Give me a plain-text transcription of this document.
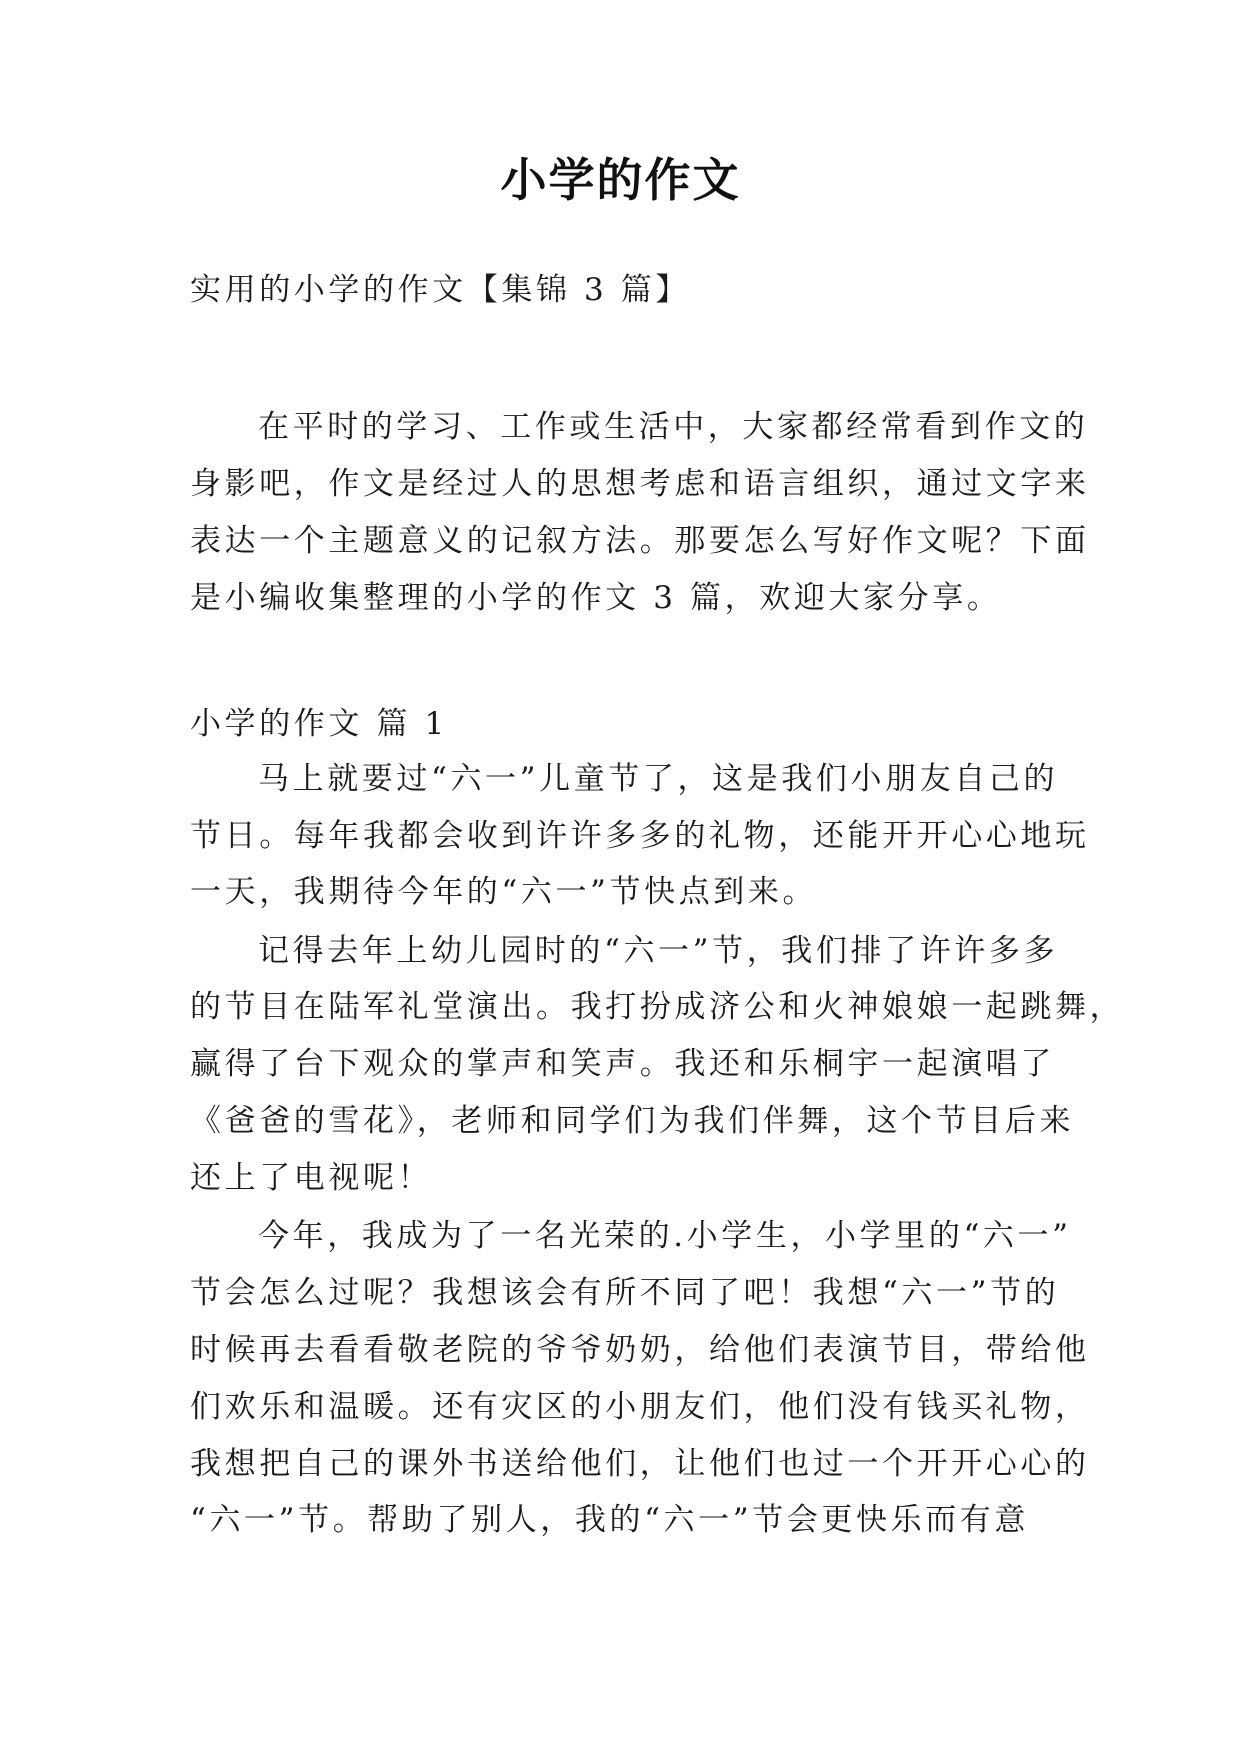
小学的作文
实用的小学的作文【集锦 3 篇】
在平时的学习、工作或生活中，大家都经常看到作文的
身影吧，作文是经过人的思想考虑和语言组织，通过文字来
表达一个主题意义的记叙方法。那要怎么写好作文呢？下面
是小编收集整理的小学的作文 3 篇，欢迎大家分享。
小学的作文 篇 1
马上就要过“六一”儿童节了，这是我们小朋友自己的
节日。每年我都会收到许许多多的礼物，还能开开心心地玩
一天，我期待今年的“六一”节快点到来。
记得去年上幼儿园时的“六一”节，我们排了许许多多
的节目在陆军礼堂演出。我打扮成济公和火神娘娘一起跳舞，
赢得了台下观众的掌声和笑声。我还和乐桐宇一起演唱了
《爸爸的雪花》，老师和同学们为我们伴舞，这个节目后来
还上了电视呢！
今年，我成为了一名光荣的.小学生，小学里的“六一”
节会怎么过呢？我想该会有所不同了吧！我想“六一”节的
时候再去看看敬老院的爷爷奶奶，给他们表演节目，带给他
们欢乐和温暖。还有灾区的小朋友们，他们没有钱买礼物，
我想把自己的课外书送给他们，让他们也过一个开开心心的
“六一”节。帮助了别人，我的“六一”节会更快乐而有意
